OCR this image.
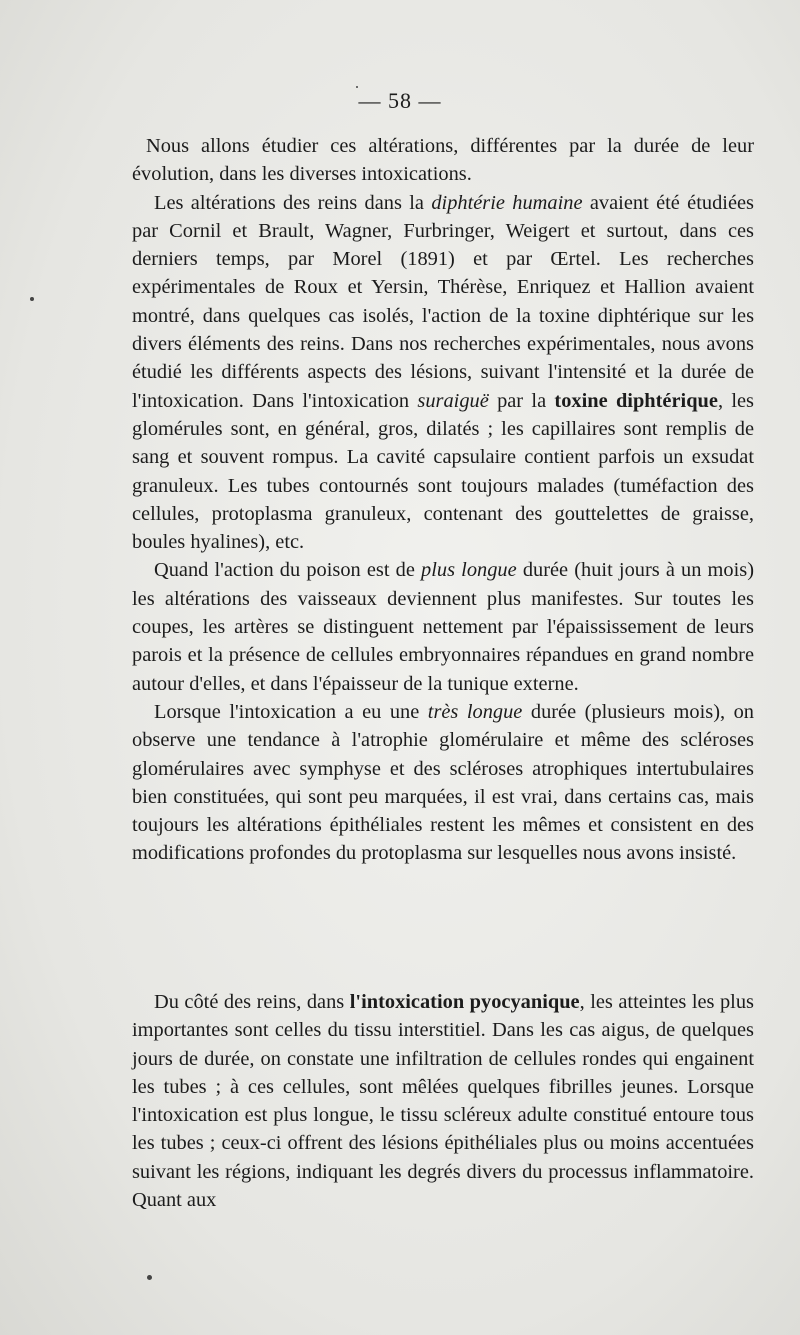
— 58 —

Nous allons étudier ces altérations, différentes par la durée de leur évolution, dans les diverses intoxications.

Les altérations des reins dans la diphtérie humaine avaient été étudiées par Cornil et Brault, Wagner, Furbringer, Weigert et surtout, dans ces derniers temps, par Morel (1891) et par Œrtel. Les recherches expérimentales de Roux et Yersin, Thérèse, Enriquez et Hallion avaient montré, dans quelques cas isolés, l'action de la toxine diphtérique sur les divers éléments des reins. Dans nos recherches expérimentales, nous avons étudié les différents aspects des lésions, suivant l'intensité et la durée de l'intoxication. Dans l'intoxication suraiguë par la toxine diphtérique, les glomérules sont, en général, gros, dilatés ; les capillaires sont remplis de sang et souvent rompus. La cavité capsulaire contient parfois un exsudat granuleux. Les tubes contournés sont toujours malades (tuméfaction des cellules, protoplasma granuleux, contenant des gouttelettes de graisse, boules hyalines), etc.

Quand l'action du poison est de plus longue durée (huit jours à un mois) les altérations des vaisseaux deviennent plus manifestes. Sur toutes les coupes, les artères se distinguent nettement par l'épaississement de leurs parois et la présence de cellules embryonnaires répandues en grand nombre autour d'elles, et dans l'épaisseur de la tunique externe.

Lorsque l'intoxication a eu une très longue durée (plusieurs mois), on observe une tendance à l'atrophie glomérulaire et même des scléroses glomérulaires avec symphyse et des scléroses atrophiques intertubulaires bien constituées, qui sont peu marquées, il est vrai, dans certains cas, mais toujours les altérations épithéliales restent les mêmes et consistent en des modifications profondes du protoplasma sur lesquelles nous avons insisté.

Du côté des reins, dans l'intoxication pyocyanique, les atteintes les plus importantes sont celles du tissu interstitiel. Dans les cas aigus, de quelques jours de durée, on constate une infiltration de cellules rondes qui engainent les tubes ; à ces cellules, sont mêlées quelques fibrilles jeunes. Lorsque l'intoxication est plus longue, le tissu scléreux adulte constitué entoure tous les tubes ; ceux-ci offrent des lésions épithéliales plus ou moins accentuées suivant les régions, indiquant les degrés divers du processus inflammatoire. Quant aux
